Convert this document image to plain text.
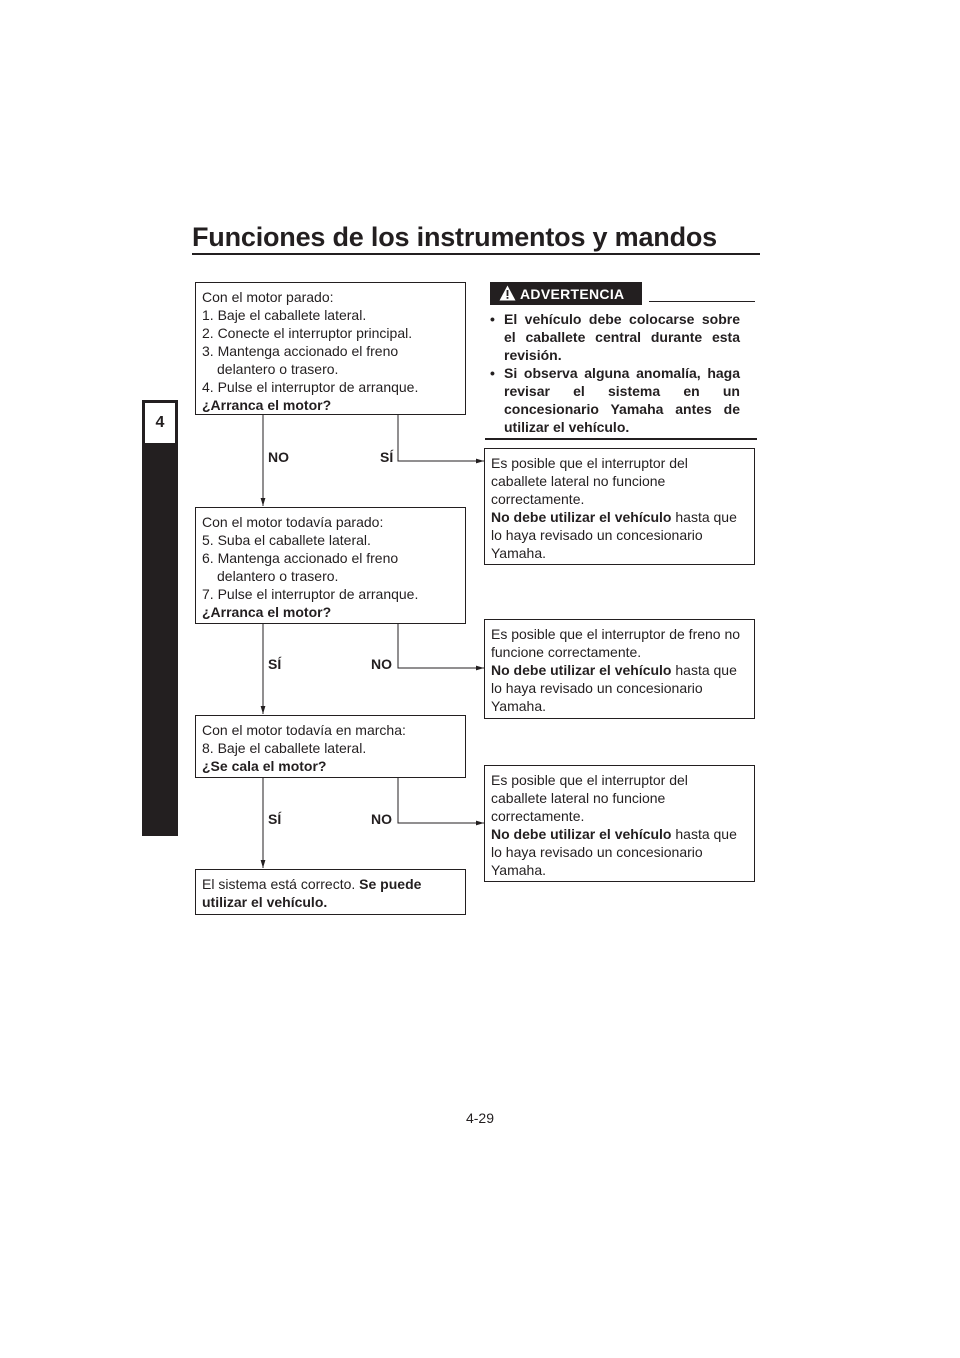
Funciones de los instrumentos y mandos
4
Con el motor parado:
1. Baje el caballete lateral.
2. Conecte el interruptor principal.
3. Mantenga accionado el freno
delantero o trasero.
4. Pulse el interruptor de arranque.
¿Arranca el motor?
NO	SÍ
ADVERTENCIA
• El vehículo debe colocarse sobre el caballete central durante esta revisión.
• Si observa alguna anomalía, haga revisar el sistema en un concesionario Yamaha antes de utilizar el vehículo.
Es posible que el interruptor del
caballete lateral no funcione
correctamente.
No debe utilizar el vehículo hasta que
lo haya revisado un concesionario
Yamaha.
Con el motor todavía parado:
5. Suba el caballete lateral.
6. Mantenga accionado el freno
delantero o trasero.
7. Pulse el interruptor de arranque.
¿Arranca el motor?
SÍ	NO
Es posible que el interruptor de freno no
funcione correctamente.
No debe utilizar el vehículo hasta que
lo haya revisado un concesionario
Yamaha.
Con el motor todavía en marcha:
8. Baje el caballete lateral.
¿Se cala el motor?
SÍ	NO
Es posible que el interruptor del
caballete lateral no funcione
correctamente.
No debe utilizar el vehículo hasta que
lo haya revisado un concesionario
Yamaha.
El sistema está correcto. Se puede
utilizar el vehículo.
4-29
